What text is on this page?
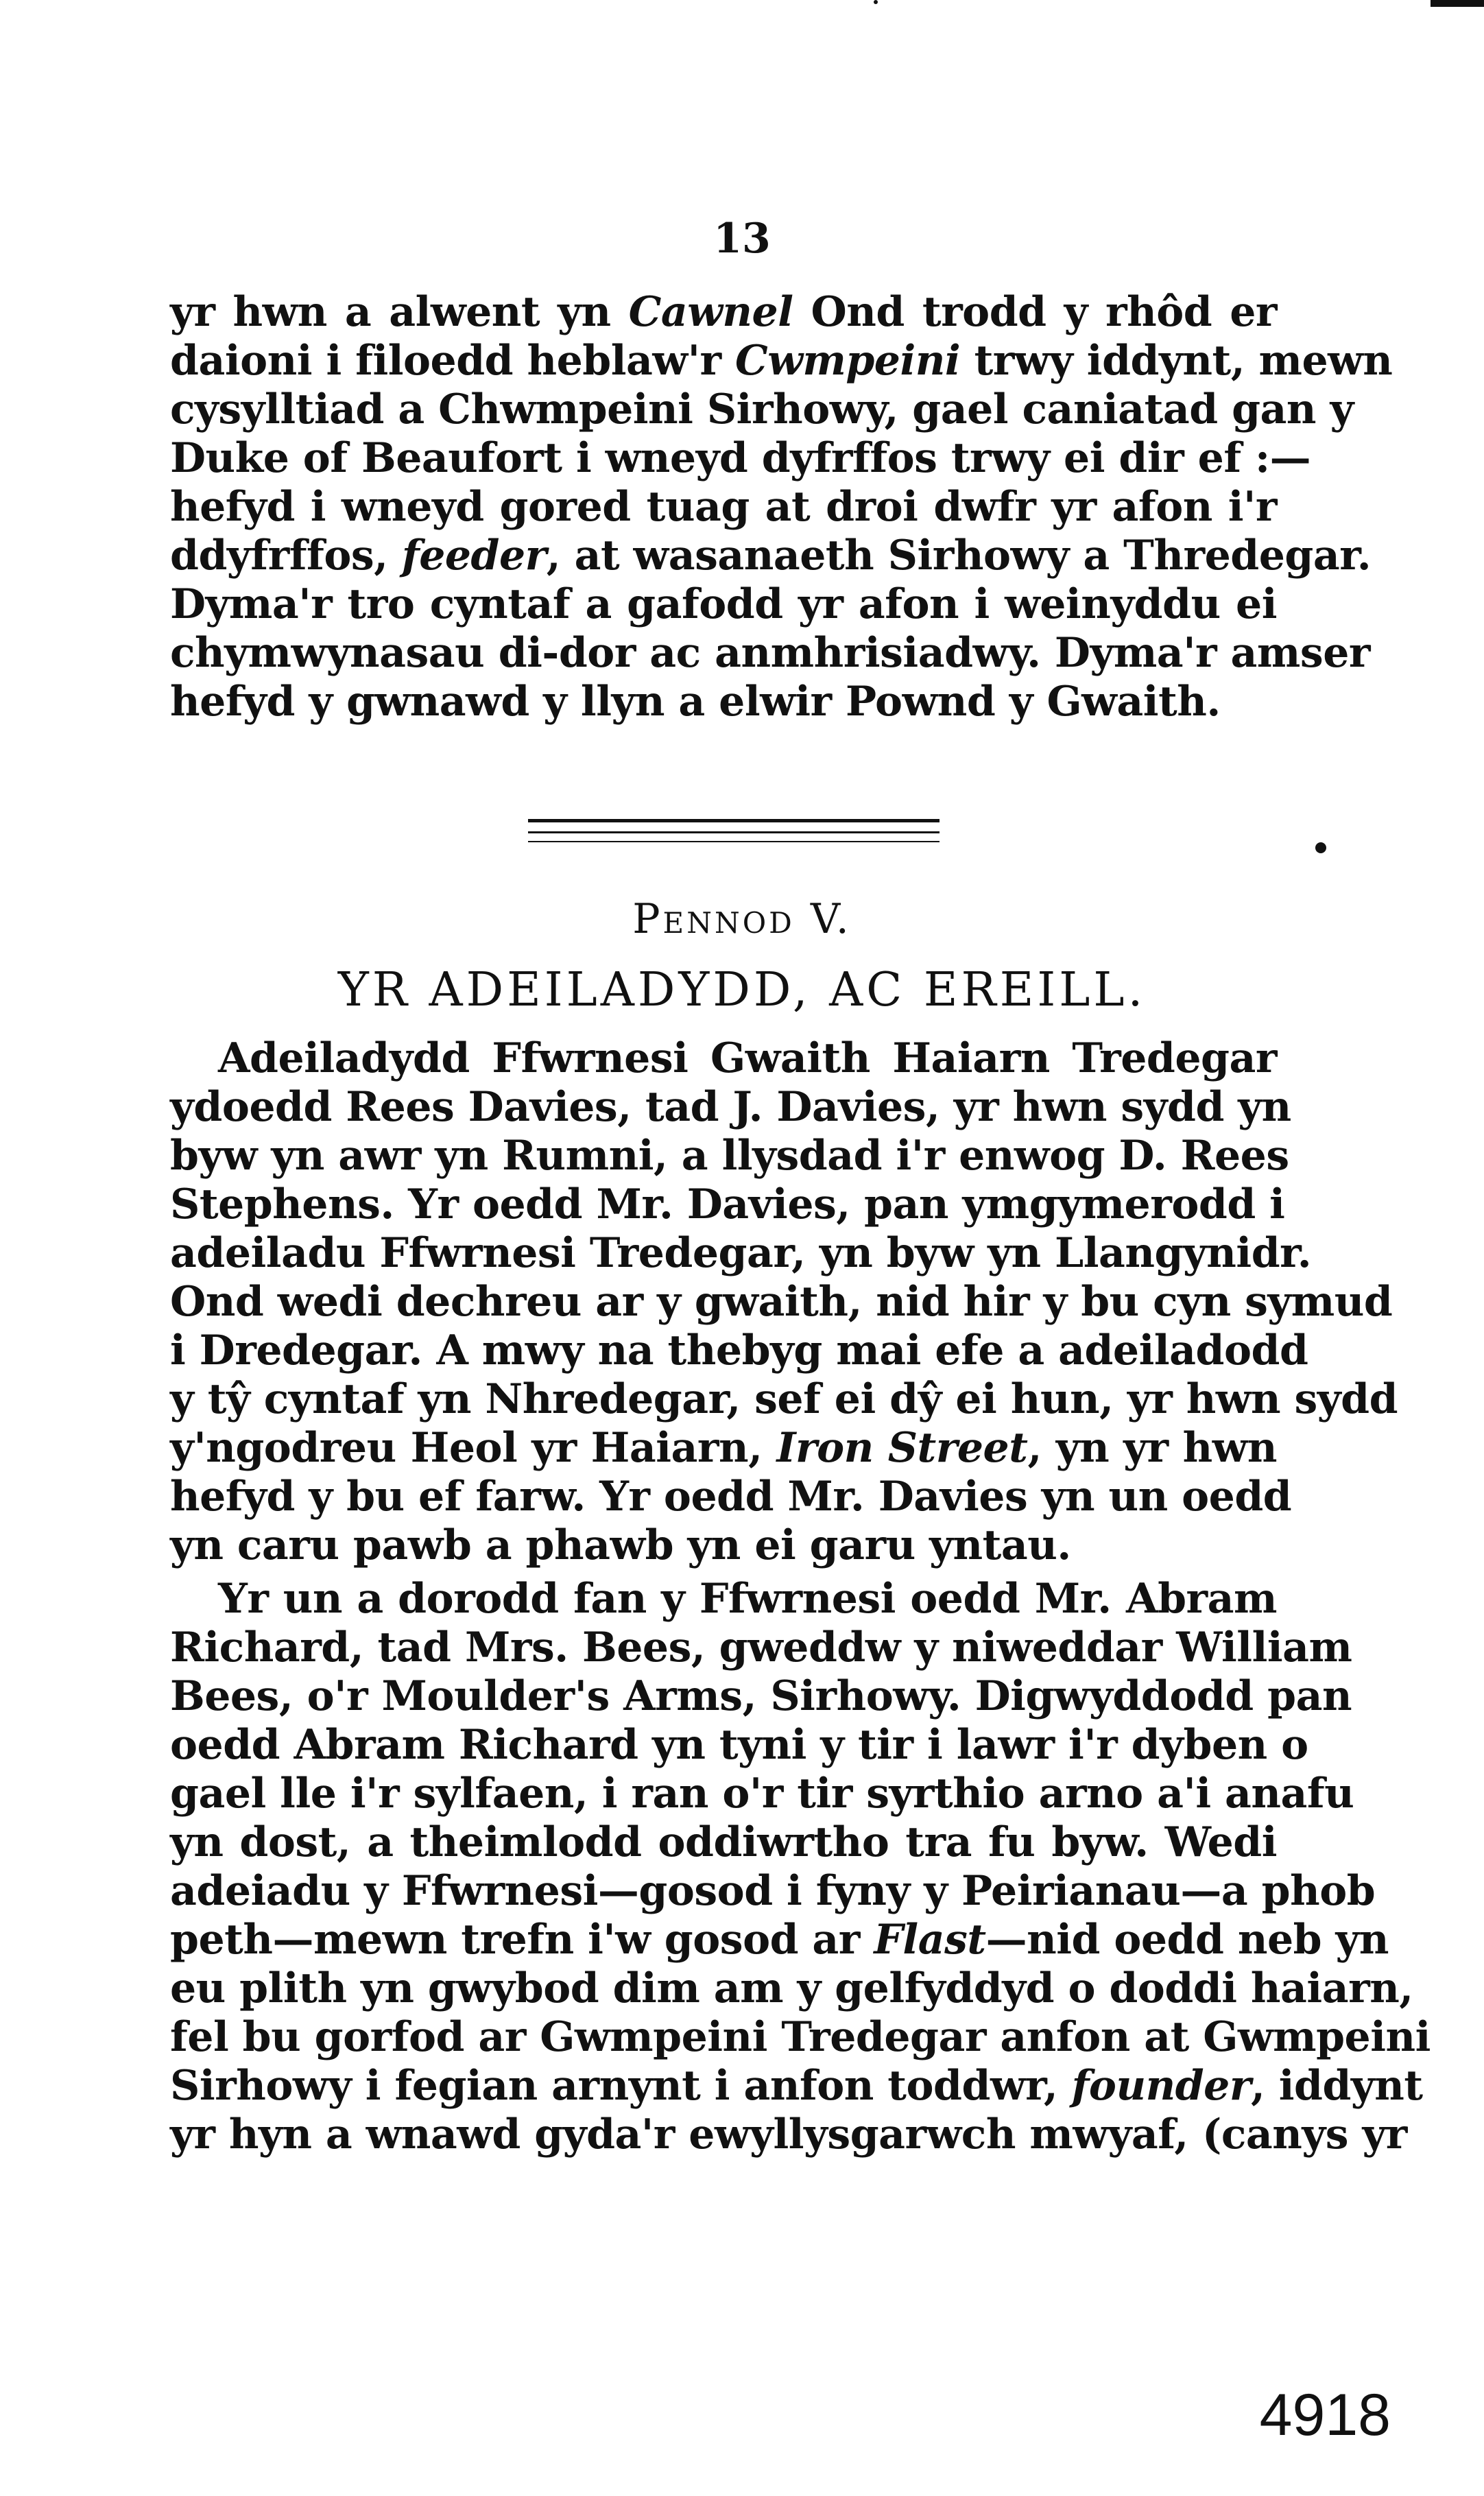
13
yr hwn a alwent yn Cawnel Ond trodd y rhôd er
daioni i filoedd heblaw'r Cwmpeini trwy iddynt, mewn
cysylltiad a Chwmpeini Sirhowy, gael caniatad gan y
Duke of Beaufort i wneyd dyfrffos trwy ei dir ef :—
hefyd i wneyd gored tuag at droi dwfr yr afon i'r
ddyfrffos, feeder, at wasanaeth Sirhowy a Thredegar.
Dyma'r tro cyntaf a gafodd yr afon i weinyddu ei
chymwynasau di-dor ac anmhrisiadwy. Dyma'r amser
hefyd y gwnawd y llyn a elwir Pownd y Gwaith.
Pennod V.
YR ADEILADYDD, AC EREILL.
Adeiladydd Ffwrnesi Gwaith Haiarn Tredegar
ydoedd Rees Davies, tad J. Davies, yr hwn sydd yn
byw yn awr yn Rumni, a llysdad i'r enwog D. Rees
Stephens. Yr oedd Mr. Davies, pan ymgymerodd i
adeiladu Ffwrnesi Tredegar, yn byw yn Llangynidr.
Ond wedi dechreu ar y gwaith, nid hir y bu cyn symud
i Dredegar. A mwy na thebyg mai efe a adeiladodd
y tŷ cyntaf yn Nhredegar, sef ei dŷ ei hun, yr hwn sydd
y'ngodreu Heol yr Haiarn, Iron Street, yn yr hwn
hefyd y bu ef farw. Yr oedd Mr. Davies yn un oedd
yn caru pawb a phawb yn ei garu yntau.
Yr un a dorodd fan y Ffwrnesi oedd Mr. Abram
Richard, tad Mrs. Bees, gweddw y niweddar William
Bees, o'r Moulder's Arms, Sirhowy. Digwyddodd pan
oedd Abram Richard yn tyni y tir i lawr i'r dyben o
gael lle i'r sylfaen, i ran o'r tir syrthio arno a'i anafu
yn dost, a theimlodd oddiwrtho tra fu byw. Wedi
adeiadu y Ffwrnesi—gosod i fyny y Peirianau—a phob
peth—mewn trefn i'w gosod ar Flast—nid oedd neb yn
eu plith yn gwybod dim am y gelfyddyd o doddi haiarn,
fel bu gorfod ar Gwmpeini Tredegar anfon at Gwmpeini
Sirhowy i fegian arnynt i anfon toddwr, founder, iddynt
yr hyn a wnawd gyda'r ewyllysgarwch mwyaf, (canys yr
4918
